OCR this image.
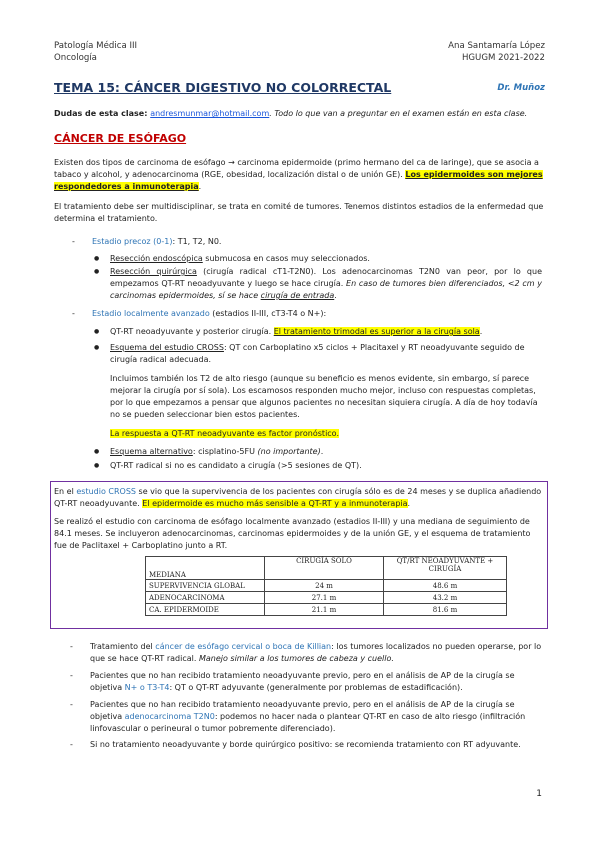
Patología Médica III
Oncología
Ana Santamaría López
HGUGM 2021-2022
TEMA 15: CÁNCER DIGESTIVO NO COLORRECTAL	Dr. Muñoz
Dudas de esta clase: andresmunmar@hotmail.com. Todo lo que van a preguntar en el examen están en esta clase.
CÁNCER DE ESÓFAGO
Existen dos tipos de carcinoma de esófago → carcinoma epidermoide (primo hermano del ca de laringe), que se asocia a tabaco y alcohol, y adenocarcinoma (RGE, obesidad, localización distal o de unión GE). Los epidermoides son mejores respondedores a inmunoterapia.
El tratamiento debe ser multidisciplinar, se trata en comité de tumores. Tenemos distintos estadios de la enfermedad que determina el tratamiento.
- Estadio precoz (0-1): T1, T2, N0.
● Resección endoscópica submucosa en casos muy seleccionados.
● Resección quirúrgica (cirugía radical cT1-T2N0). Los adenocarcinomas T2N0 van peor, por lo que empezamos QT-RT neoadyuvante y luego se hace cirugía. En caso de tumores bien diferenciados, <2 cm y carcinomas epidermoides, sí se hace cirugía de entrada.
- Estadio localmente avanzado (estadios II-III, cT3-T4 o N+):
● QT-RT neoadyuvante y posterior cirugía. El tratamiento trimodal es superior a la cirugía sola.
● Esquema del estudio CROSS: QT con Carboplatino x5 ciclos + Placitaxel y RT neoadyuvante seguido de cirugía radical adecuada.
Incluimos también los T2 de alto riesgo (aunque su beneficio es menos evidente, sin embargo, sí parece mejorar la cirugía por sí sola). Los escamosos responden mucho mejor, incluso con respuestas completas, por lo que empezamos a pensar que algunos pacientes no necesitan siquiera cirugía. A día de hoy todavía no se pueden seleccionar bien estos pacientes.
La respuesta a QT-RT neoadyuvante es factor pronóstico.
● Esquema alternativo: cisplatino-5FU (no importante).
● QT-RT radical si no es candidato a cirugía (>5 sesiones de QT).
En el estudio CROSS se vio que la supervivencia de los pacientes con cirugía sólo es de 24 meses y se duplica añadiendo QT-RT neoadyuvante. El epidermoide es mucho más sensible a QT-RT y a inmunoterapia.
Se realizó el estudio con carcinoma de esófago localmente avanzado (estadios II-III) y una mediana de seguimiento de 84.1 meses. Se incluyeron adenocarcinomas, carcinomas epidermoides y de la unión GE, y el esquema de tratamiento fue de Paclitaxel + Carboplatino junto a RT.
MEDIANA	CIRUGÍA SOLO	QT/RT NEOADYUVANTE + CIRUGÍA
SUPERVIVENCIA GLOBAL	24 m	48.6 m
ADENOCARCINOMA	27.1 m	43.2 m
CA. EPIDERMOIDE	21.1 m	81.6 m
- Tratamiento del cáncer de esófago cervical o boca de Killian: los tumores localizados no pueden operarse, por lo que se hace QT-RT radical. Manejo similar a los tumores de cabeza y cuello.
- Pacientes que no han recibido tratamiento neoadyuvante previo, pero en el análisis de AP de la cirugía se objetiva N+ o T3-T4: QT o QT-RT adyuvante (generalmente por problemas de estadificación).
- Pacientes que no han recibido tratamiento neoadyuvante previo, pero en el análisis de AP de la cirugía se objetiva adenocarcinoma T2N0: podemos no hacer nada o plantear QT-RT en caso de alto riesgo (infiltración linfovascular o perineural o tumor pobremente diferenciado).
- Si no tratamiento neoadyuvante y borde quirúrgico positivo: se recomienda tratamiento con RT adyuvante.
1
